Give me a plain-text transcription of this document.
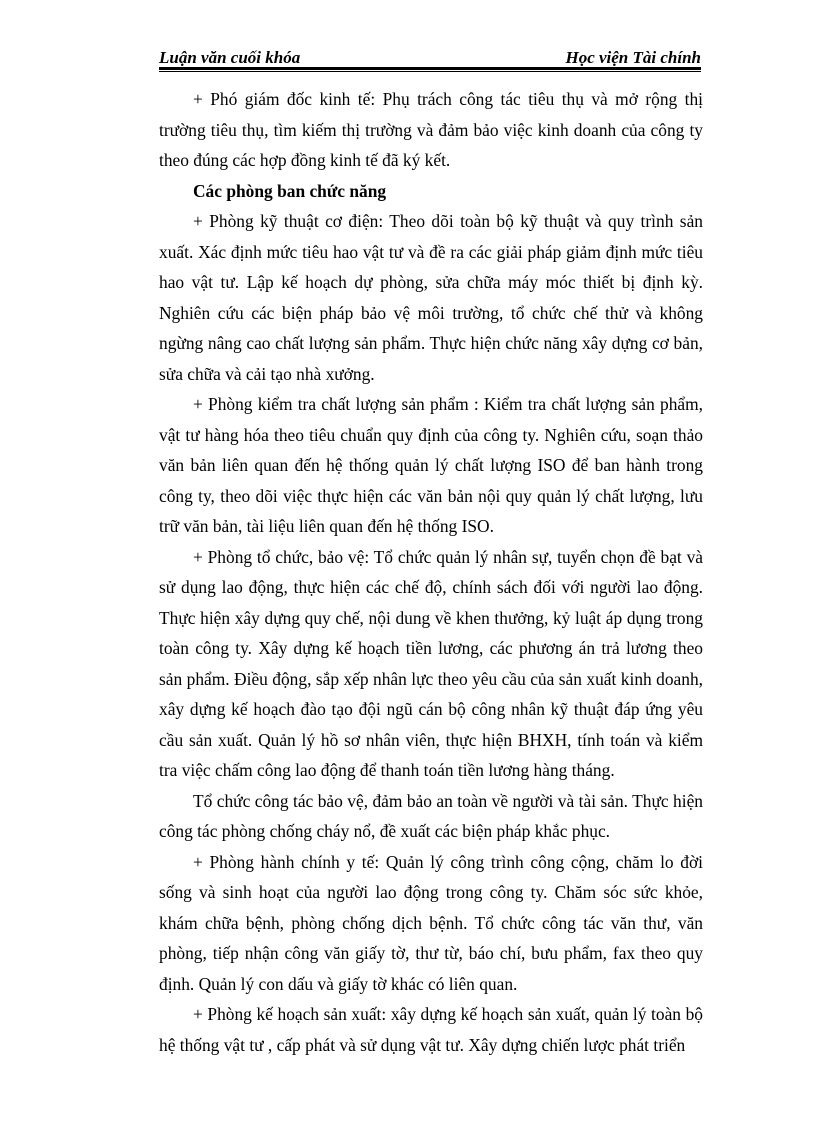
Luận văn cuối khóa	Học viện Tài chính

+ Phó giám đốc kinh tế: Phụ trách công tác tiêu thụ và mở rộng thị trường tiêu thụ, tìm kiếm thị trường và đảm bảo việc kinh doanh của công ty theo đúng các hợp đồng kinh tế đã ký kết.

Các phòng ban chức năng

+ Phòng kỹ thuật cơ điện: Theo dõi toàn bộ kỹ thuật và quy trình sản xuất. Xác định mức tiêu hao vật tư và đề ra các giải pháp giảm định mức tiêu hao vật tư. Lập kế hoạch dự phòng, sửa chữa máy móc thiết bị định kỳ. Nghiên cứu các biện pháp bảo vệ môi trường, tổ chức chế thử và không ngừng nâng cao chất lượng sản phẩm. Thực hiện chức năng xây dựng cơ bản, sửa chữa và cải tạo nhà xưởng.

+ Phòng kiểm tra chất lượng sản phẩm : Kiểm tra chất lượng sản phẩm, vật tư hàng hóa theo tiêu chuẩn quy định của công ty. Nghiên cứu, soạn thảo văn bản liên quan đến hệ thống quản lý chất lượng ISO để ban hành trong công ty, theo dõi việc thực hiện các văn bản nội quy quản lý chất lượng, lưu trữ văn bản, tài liệu liên quan đến hệ thống ISO.

+ Phòng tổ chức, bảo vệ: Tổ chức quản lý nhân sự, tuyển chọn đề bạt và sử dụng lao động, thực hiện các chế độ, chính sách đối với người lao động. Thực hiện xây dựng quy chế, nội dung về khen thưởng, kỷ luật áp dụng trong toàn công ty. Xây dựng kế hoạch tiền lương, các phương án trả lương theo sản phẩm. Điều động, sắp xếp nhân lực theo yêu cầu của sản xuất kinh doanh, xây dựng kế hoạch đào tạo đội ngũ cán bộ công nhân kỹ thuật đáp ứng yêu cầu sản xuất. Quản lý hồ sơ nhân viên, thực hiện BHXH, tính toán và kiểm tra việc chấm công lao động để thanh toán tiền lương hàng tháng.

Tổ chức công tác bảo vệ, đảm bảo an toàn về người và tài sản. Thực hiện công tác phòng chống cháy nổ, đề xuất các biện pháp khắc phục.

+ Phòng hành chính y tế: Quản lý công trình công cộng, chăm lo đời sống và sinh hoạt của người lao động trong công ty. Chăm sóc sức khỏe, khám chữa bệnh, phòng chống dịch bệnh. Tổ chức công tác văn thư, văn phòng, tiếp nhận công văn giấy tờ, thư từ, báo chí, bưu phẩm, fax theo quy định. Quản lý con dấu và giấy tờ khác có liên quan.

+ Phòng kế hoạch sản xuất: xây dựng kế hoạch sản xuất, quản lý toàn bộ hệ thống vật tư , cấp phát và sử dụng vật tư. Xây dựng chiến lược phát triển
